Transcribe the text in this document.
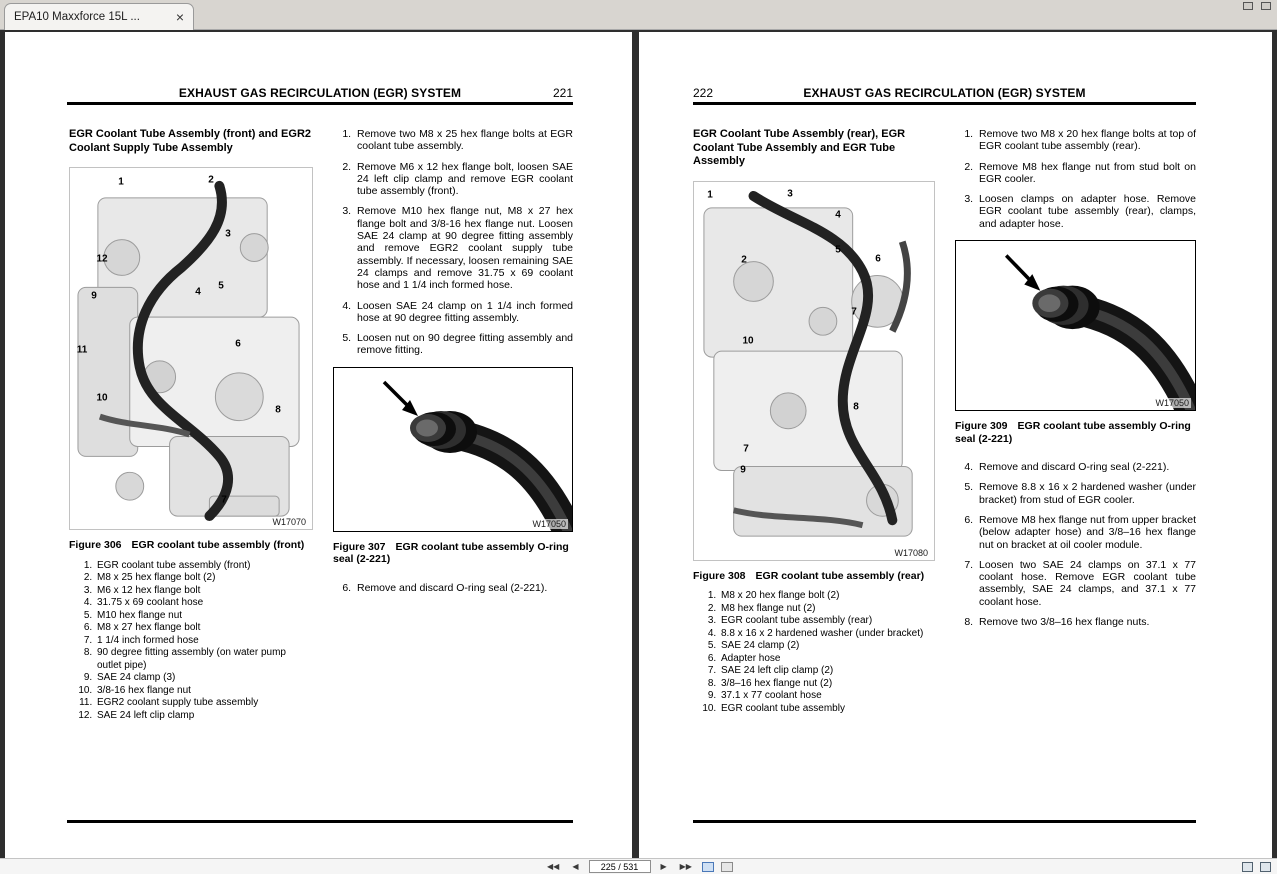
EPA10 Maxxforce 15L ...	×
EXHAUST GAS RECIRCULATION (EGR) SYSTEM	221
EGR Coolant Tube Assembly (front) and EGR2 Coolant Supply Tube Assembly
1	2
3
12
9	4
5
11
6
10
8
7
W17070
Figure 306 EGR coolant tube assembly (front)
1. EGR coolant tube assembly (front)
2. M8 x 25 hex flange bolt (2)
3. M6 x 12 hex flange bolt
4. 31.75 x 69 coolant hose
5. M10 hex flange nut
6. M8 x 27 hex flange bolt
7. 1 1/4 inch formed hose
8. 90 degree fitting assembly (on water pump outlet pipe)
9. SAE 24 clamp (3)
10. 3/8-16 hex flange nut
11. EGR2 coolant supply tube assembly
12. SAE 24 left clip clamp
1. Remove two M8 x 25 hex flange bolts at EGR coolant tube assembly.
2. Remove M6 x 12 hex flange bolt, loosen SAE 24 left clip clamp and remove EGR coolant tube assembly (front).
3. Remove M10 hex flange nut, M8 x 27 hex flange bolt and 3/8-16 hex flange nut. Loosen SAE 24 clamp at 90 degree fitting assembly and remove EGR2 coolant supply tube assembly. If necessary, loosen remaining SAE 24 clamps and remove 31.75 x 69 coolant hose and 1 1/4 inch formed hose.
4. Loosen SAE 24 clamp on 1 1/4 inch formed hose at 90 degree fitting assembly.
5. Loosen nut on 90 degree fitting assembly and remove fitting.
W17050
Figure 307 EGR coolant tube assembly O-ring seal (2-221)
6. Remove and discard O-ring seal (2-221).
EXHAUST GAS RECIRCULATION (EGR) SYSTEM
222
EGR Coolant Tube Assembly (rear), EGR Coolant Tube Assembly and EGR Tube Assembly
1	3
4
2
5
6
7
10
8
7
9
W17080
Figure 308 EGR coolant tube assembly (rear)
1. M8 x 20 hex flange bolt (2)
2. M8 hex flange nut (2)
3. EGR coolant tube assembly (rear)
4. 8.8 x 16 x 2 hardened washer (under bracket)
5. SAE 24 clamp (2)
6. Adapter hose
7. SAE 24 left clip clamp (2)
8. 3/8–16 hex flange nut (2)
9. 37.1 x 77 coolant hose
10. EGR coolant tube assembly
1. Remove two M8 x 20 hex flange bolts at top of EGR coolant tube assembly (rear).
2. Remove M8 hex flange nut from stud bolt on EGR cooler.
3. Loosen clamps on adapter hose. Remove EGR coolant tube assembly (rear), clamps, and adapter hose.
W17050
Figure 309 EGR coolant tube assembly O-ring seal (2-221)
4. Remove and discard O-ring seal (2-221).
5. Remove 8.8 x 16 x 2 hardened washer (under bracket) from stud of EGR cooler.
6. Remove M8 hex flange nut from upper bracket (below adapter hose) and 3/8–16 hex flange nut on bracket at oil cooler module.
7. Loosen two SAE 24 clamps on 37.1 x 77 coolant hose. Remove EGR coolant tube assembly, SAE 24 clamps, and 37.1 x 77 coolant hose.
8. Remove two 3/8–16 hex flange nuts.
◀◀	◀
225 / 531	▶	▶▶
